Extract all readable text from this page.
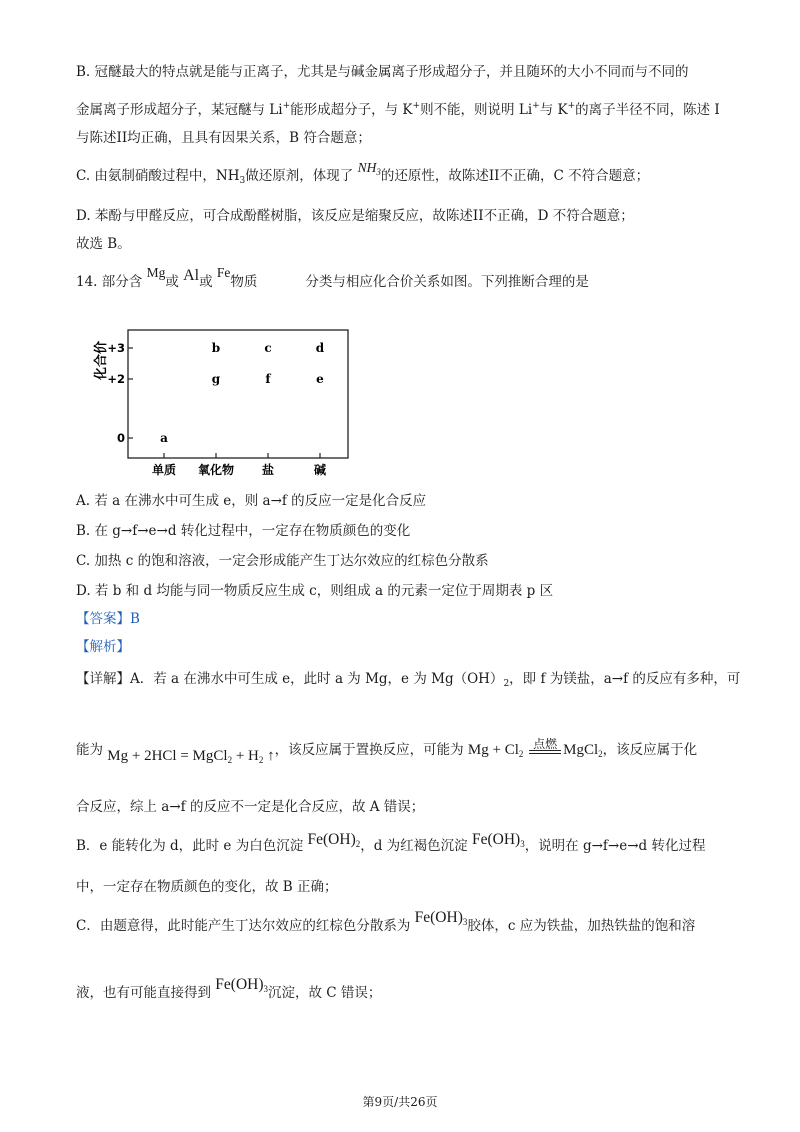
B. 冠醚最大的特点就是能与正离子，尤其是与碱金属离子形成超分子，并且随环的大小不同而与不同的
金属离子形成超分子，某冠醚与 Li+能形成超分子，与 K+则不能，则说明 Li+与 K+的离子半径不同，陈述 I
与陈述II均正确，且具有因果关系，B 符合题意；
C. 由氨制硝酸过程中，$NH_3$做还原剂，体现了 $NH_3$的还原性，故陈述II不正确，C 不符合题意；
D. 苯酚与甲醛反应，可合成酚醛树脂，该反应是缩聚反应，故陈述II不正确，D 不符合题意；
故选 B。
14. 部分含 Mg或 Al或 Fe物质	分类与相应化合价关系如图。下列推断合理的是
化合价
+3
+2
0
单质 氧化物 盐	碱
a
b	c	d
g	f	e
A. 若 a 在沸水中可生成 e，则 a→f 的反应一定是化合反应
B. 在 g→f→e→d 转化过程中，一定存在物质颜色的变化
C. 加热 c 的饱和溶液，一定会形成能产生丁达尔效应的红棕色分散系
D. 若 b 和 d 均能与同一物质反应生成 c，则组成 a 的元素一定位于周期表 p 区
【答案】B
【解析】
【详解】A．若 a 在沸水中可生成 e，此时 a 为 Mg，e 为 $Mg(OH)_2$，即 f 为镁盐，a→f 的反应有多种，可
能为 Mg + 2HCl = MgCl$_2$ + $H_2$ ↑，该反应属于置换反应，可能为 $Mg + Cl_2$
点燃 MgCl$_2$，该反应属于化
合反应，综上 a→f 的反应不一定是化合反应，故 A 错误；
B．e 能转化为 d，此时 e 为白色沉淀 $Fe(OH)_2$，d 为红褐色沉淀 $Fe(OH)_3$，说明在 g→f→e→d 转化过程
中，一定存在物质颜色的变化，故 B 正确；
C．由题意得，此时能产生丁达尔效应的红棕色分散系为 $Fe(OH)_3$胶体，c 应为铁盐，加热铁盐的饱和溶
液，也有可能直接得到 $Fe(OH)_3$沉淀，故 C 错误；
第9页/共26页
